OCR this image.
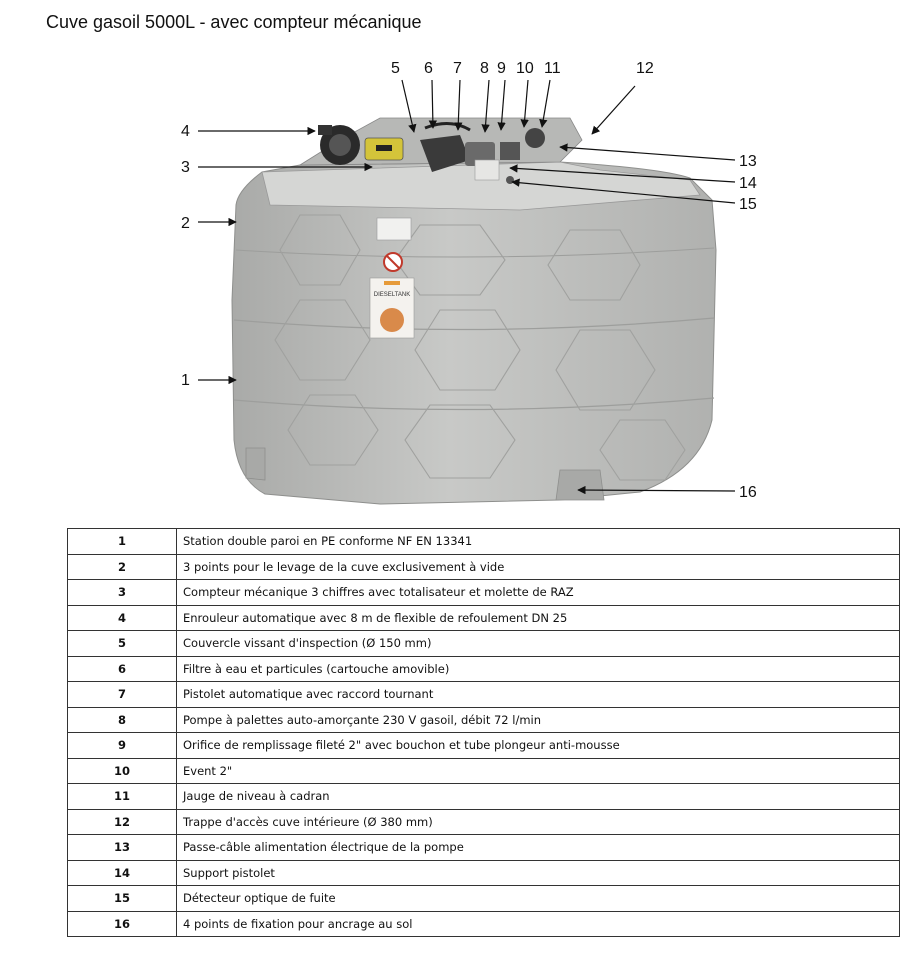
Cuve gasoil 5000L - avec compteur mécanique
DIESELTANK
1
2
3
4
5 6 7 8 9 10 11	12
13
14
15
16
1	Station double paroi en PE conforme NF EN 13341
2	3 points pour le levage de la cuve exclusivement à vide
3	Compteur mécanique 3 chiffres avec totalisateur et molette de RAZ
4	Enrouleur automatique avec 8 m de flexible de refoulement DN 25
5	Couvercle vissant d'inspection (Ø 150 mm)
6	Filtre à eau et particules (cartouche amovible)
7	Pistolet automatique avec raccord tournant
8	Pompe à palettes auto-amorçante 230 V gasoil, débit 72 l/min
9	Orifice de remplissage fileté 2" avec bouchon et tube plongeur anti-mousse
10	Event 2"
11	Jauge de niveau à cadran
12	Trappe d'accès cuve intérieure (Ø 380 mm)
13	Passe-câble alimentation électrique de la pompe
14	Support pistolet
15	Détecteur optique de fuite
16	4 points de fixation pour ancrage au sol
